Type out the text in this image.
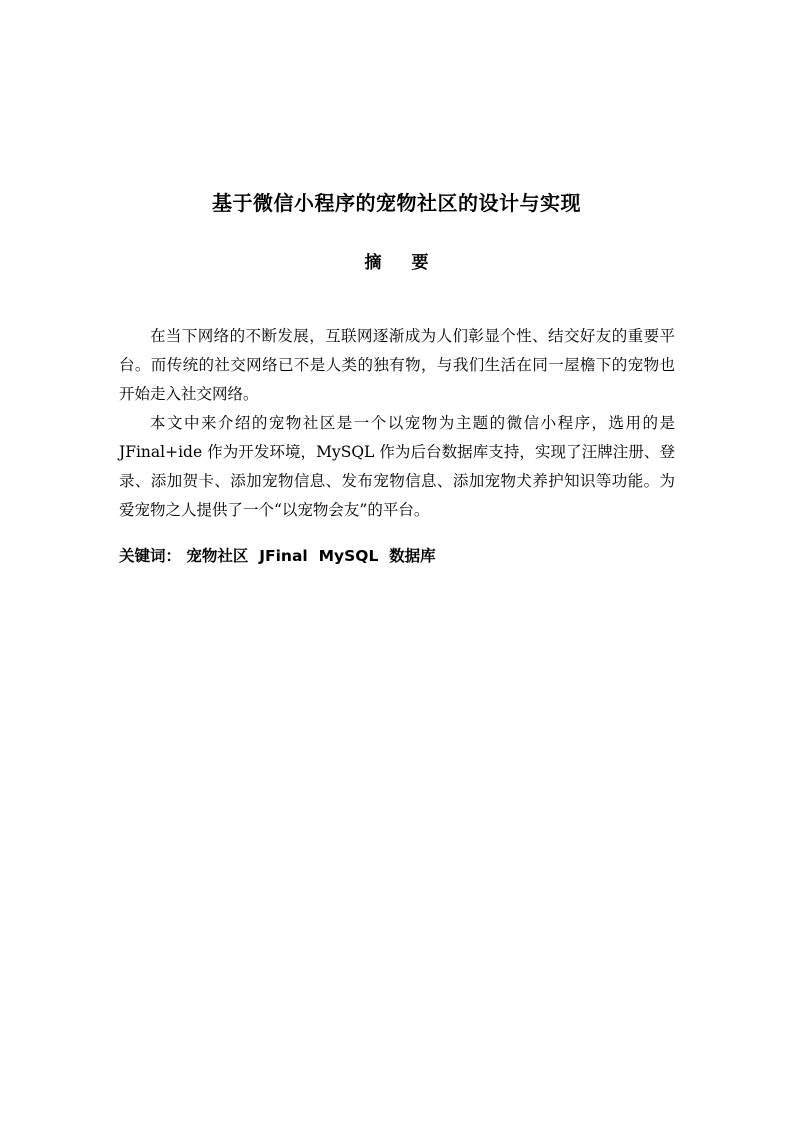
基于微信小程序的宠物社区的设计与实现
摘 要

在当下网络的不断发展，互联网逐渐成为人们彰显个性、结交好友的重要平台。而传统的社交网络已不是人类的独有物，与我们生活在同一屋檐下的宠物也开始走入社交网络。

本文中来介绍的宠物社区是一个以宠物为主题的微信小程序，选用的是 JFinal+ide 作为开发环境，MySQL 作为后台数据库支持，实现了汪牌注册、登录、添加贺卡、添加宠物信息、发布宠物信息、添加宠物犬养护知识等功能。为爱宠物之人提供了一个“以宠物会友”的平台。

关键词： 宠物社区 JFinal MySQL 数据库
